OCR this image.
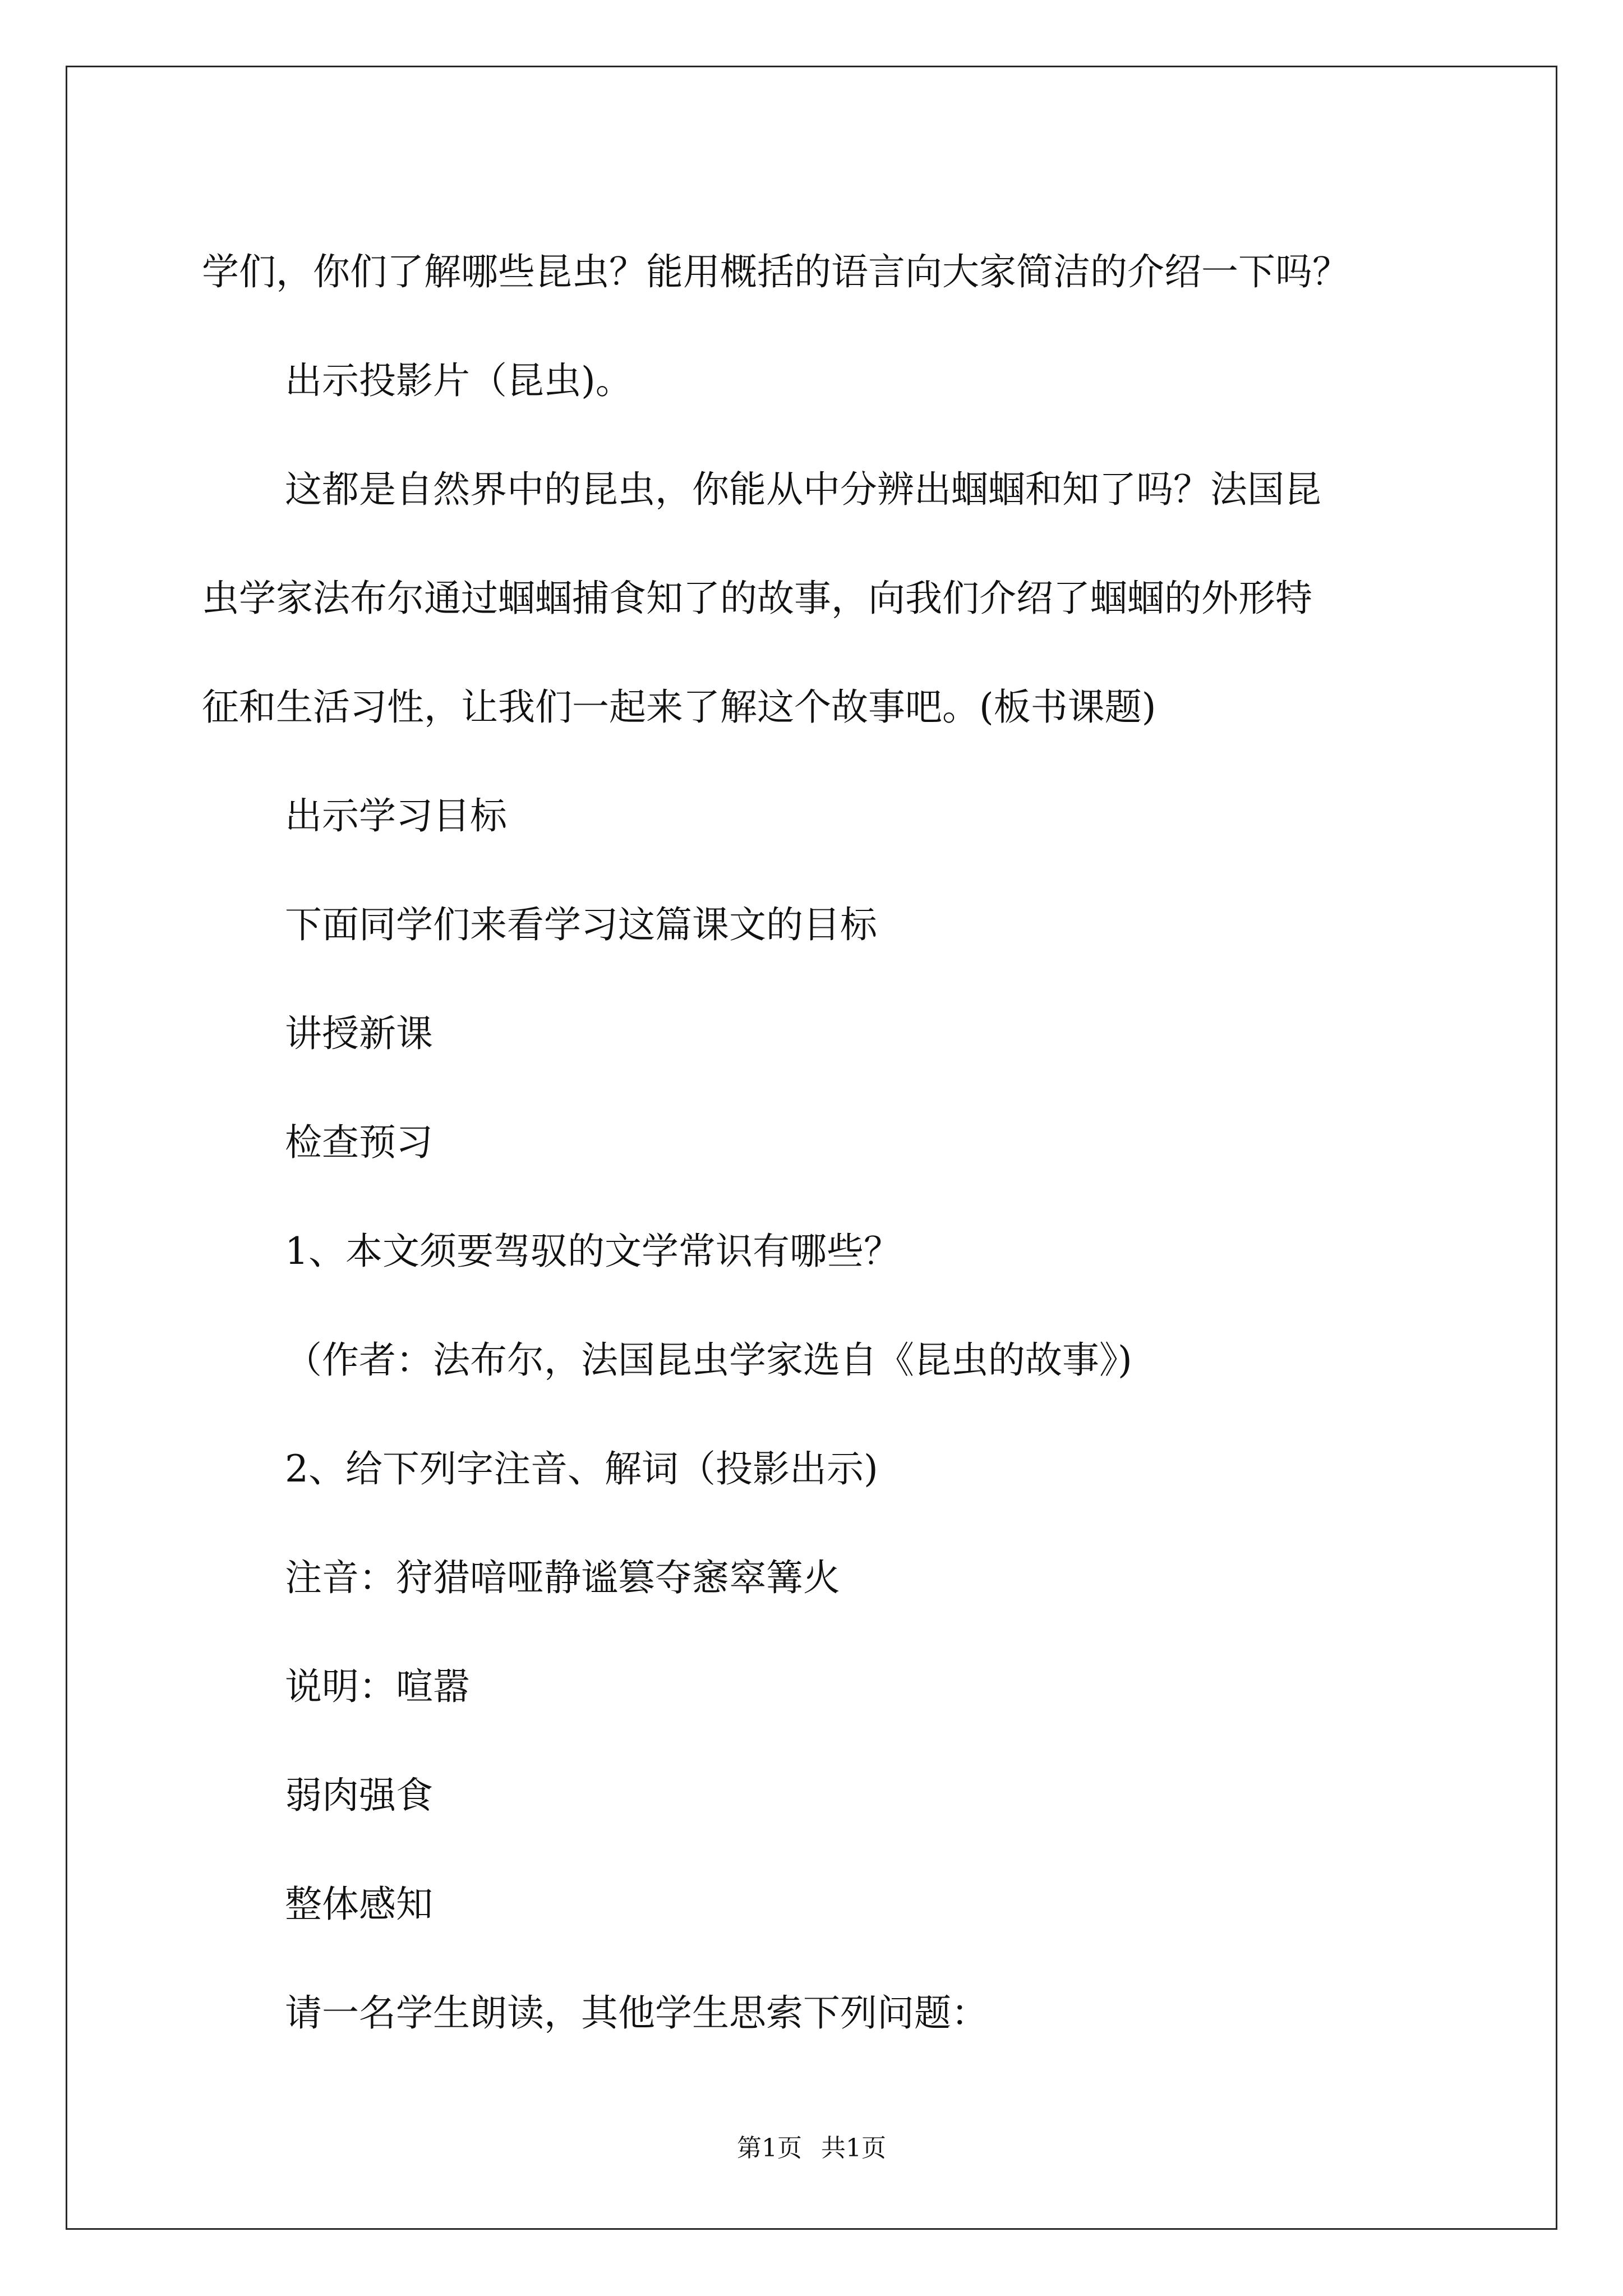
学们，你们了解哪些昆虫？能用概括的语言向大家简洁的介绍一下吗？

出示投影片（昆虫)。

这都是自然界中的昆虫，你能从中分辨出蝈蝈和知了吗？法国昆

虫学家法布尔通过蝈蝈捕食知了的故事，向我们介绍了蝈蝈的外形特

征和生活习性，让我们一起来了解这个故事吧。(板书课题)

出示学习目标

下面同学们来看学习这篇课文的目标

讲授新课

检查预习

1、本文须要驾驭的文学常识有哪些？

（作者：法布尔，法国昆虫学家选自《昆虫的故事》)

2、给下列字注音、解词（投影出示)

注音：狩猎喑哑静谧篡夺窸窣篝火

说明：喧嚣

弱肉强食

整体感知

请一名学生朗读，其他学生思索下列问题：

第1页 共1页
